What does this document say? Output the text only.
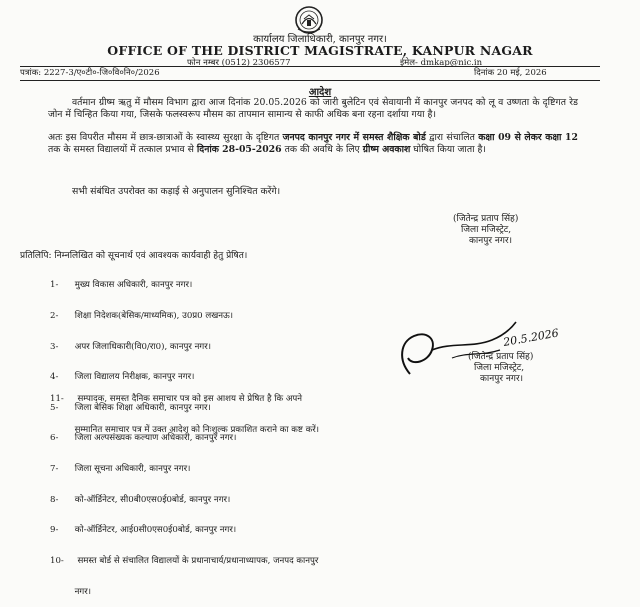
कार्यालय जिलाधिकारी, कानपुर नगर।
OFFICE OF THE DISTRICT MAGISTRATE, KANPUR NAGAR
फोन नम्बर (0512) 2306577	ईमेल- dmkap@nic.in
पत्रांक: 2227-3/ए०टी०-जि०वि०नि०/2026	दिनांक 20 मई, 2026
आदेश
वर्तमान ग्रीष्म ऋतु में मौसम विभाग द्वारा आज दिनांक 20.05.2026 को जारी बुलेटिन एवं सेवायानी में कानपुर जनपद को लू व उष्णता के दृष्टिगत रेड जोन में चिन्हित किया गया, जिसके फलस्वरूप मौसम का तापमान सामान्य से काफी अधिक बना रहना दर्शाया गया है।
अतः इस विपरीत मौसम में छात्र-छात्राओं के स्वास्थ्य सुरक्षा के दृष्टिगत जनपद कानपुर नगर में समस्त शैक्षिक बोर्ड द्वारा संचालित कक्षा 09 से लेकर कक्षा 12 तक के समस्त विद्यालयों में तत्काल प्रभाव से दिनांक 28-05-2026 तक की अवधि के लिए ग्रीष्म अवकाश घोषित किया जाता है।
सभी संबंधित उपरोक्त का कड़ाई से अनुपालन सुनिश्चित करेंगे।
(जितेन्द्र प्रताप सिंह)
जिला मजिस्ट्रेट,
कानपुर नगर।
प्रतिलिपि: निम्नलिखित को सूचनार्थ एवं आवश्यक कार्यवाही हेतु प्रेषित।

1-      मुख्य विकास अधिकारी, कानपुर नगर।

2-      शिक्षा निदेशक(बेसिक/माध्यमिक), उ0प्र0 लखनऊ।

3-      अपर जिलाधिकारी(वि0/रा0), कानपुर नगर।

4-      जिला विद्यालय निरीक्षक, कानपुर नगर।

5-      जिला बेसिक शिक्षा अधिकारी, कानपुर नगर।

6-      जिला अल्पसंख्यक कल्याण अधिकारी, कानपुर नगर।

7-      जिला सूचना अधिकारी, कानपुर नगर।

8-      को-ऑर्डिनेटर, सी0बी0एस0ई0बोर्ड, कानपुर नगर।

9-      को-ऑर्डिनेटर, आई0सी0एस0ई0बोर्ड, कानपुर नगर।

10-     समस्त बोर्ड से संचालित विद्यालयों के प्रधानाचार्य/प्रधानाध्यापक, जनपद कानपुर

नगर।

11-     सम्पादक, समस्त दैनिक समाचार पत्र को इस आशय से प्रेषित है कि अपने

सम्मानित समाचार पत्र में उक्त आदेश को निःशुल्क प्रकाशित कराने का कष्ट करें।

20.5.2026
(जितेन्द्र प्रताप सिंह)
जिला मजिस्ट्रेट,
कानपुर नगर।
